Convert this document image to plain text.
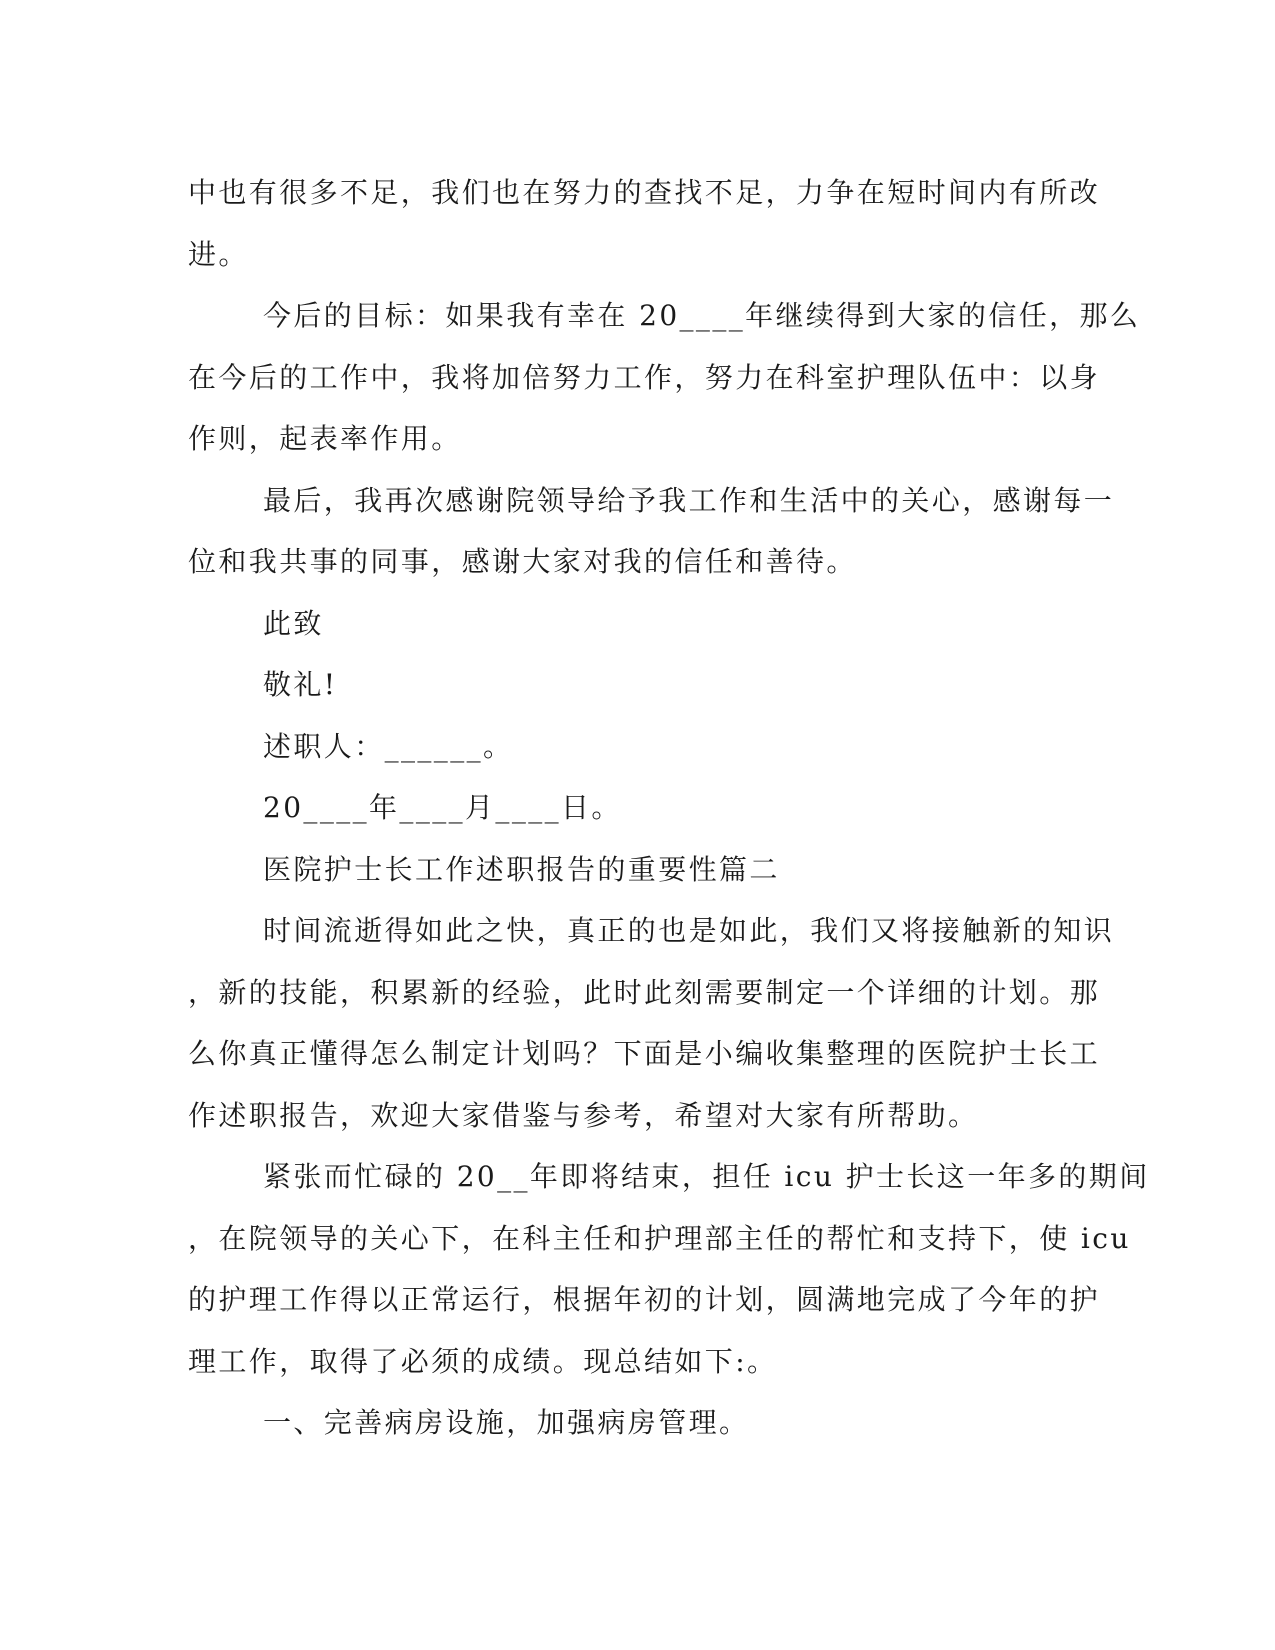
中也有很多不足，我们也在努力的查找不足，力争在短时间内有所改
进。
今后的目标：如果我有幸在 20____年继续得到大家的信任，那么
在今后的工作中，我将加倍努力工作，努力在科室护理队伍中：以身
作则，起表率作用。
最后，我再次感谢院领导给予我工作和生活中的关心，感谢每一
位和我共事的同事，感谢大家对我的信任和善待。
此致
敬礼!
述职人：______。
20____年____月____日。
医院护士长工作述职报告的重要性篇二
时间流逝得如此之快，真正的也是如此，我们又将接触新的知识
，新的技能，积累新的经验，此时此刻需要制定一个详细的计划。那
么你真正懂得怎么制定计划吗？下面是小编收集整理的医院护士长工
作述职报告，欢迎大家借鉴与参考，希望对大家有所帮助。
紧张而忙碌的 20__年即将结束，担任 icu 护士长这一年多的期间
，在院领导的关心下，在科主任和护理部主任的帮忙和支持下，使 icu
的护理工作得以正常运行，根据年初的计划，圆满地完成了今年的护
理工作，取得了必须的成绩。现总结如下:。
一、完善病房设施，加强病房管理。
